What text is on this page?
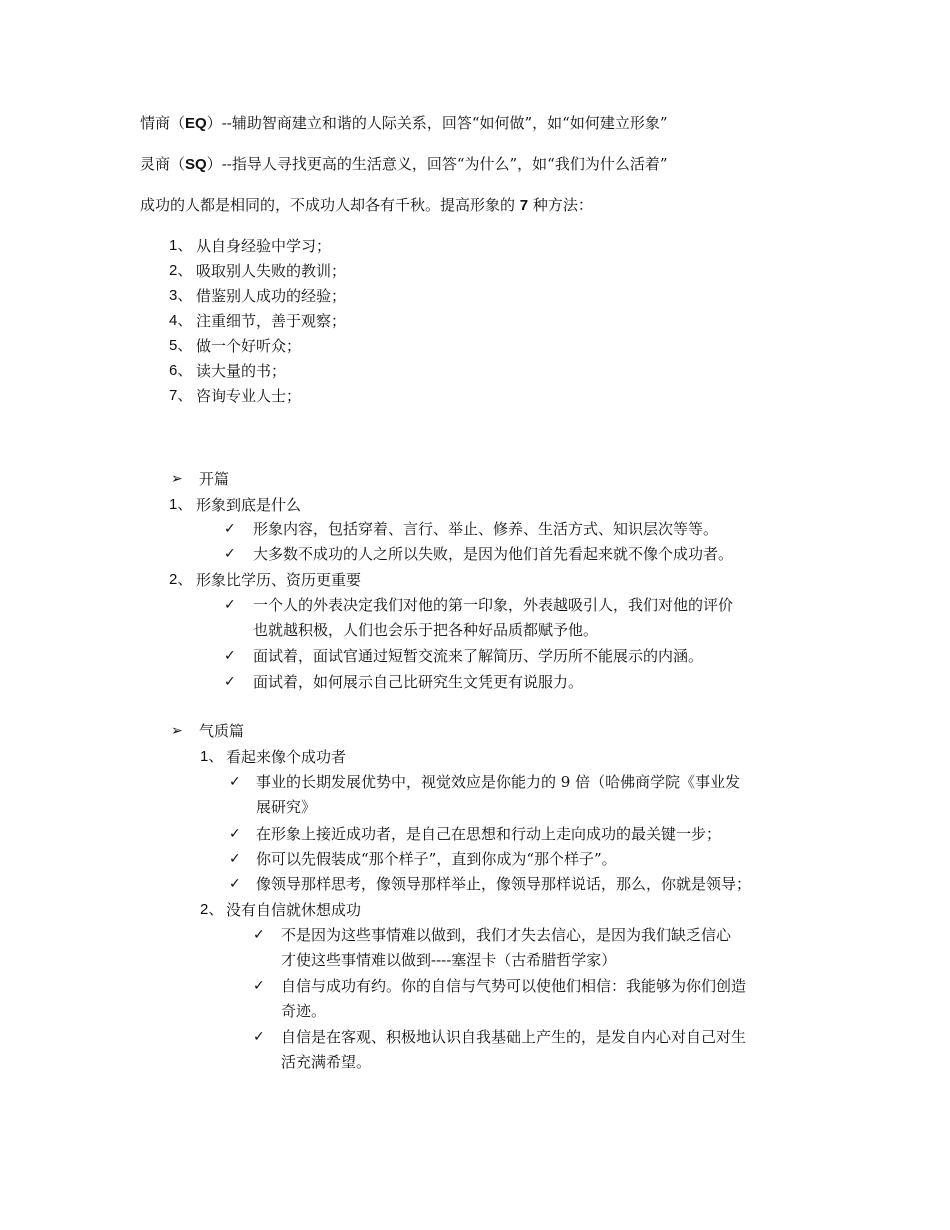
情商（EQ）--辅助智商建立和谐的人际关系，回答“如何做”，如“如何建立形象”
灵商（SQ）--指导人寻找更高的生活意义，回答“为什么”，如“我们为什么活着”
成功的人都是相同的，不成功人却各有千秋。提高形象的 7 种方法：
1、 从自身经验中学习；
2、 吸取别人失败的教训；
3、 借鉴别人成功的经验；
4、 注重细节，善于观察；
5、 做一个好听众；
6、 读大量的书；
7、 咨询专业人士；
➢ 开篇
1、 形象到底是什么
✓ 形象内容，包括穿着、言行、举止、修养、生活方式、知识层次等等。
✓ 大多数不成功的人之所以失败，是因为他们首先看起来就不像个成功者。
2、 形象比学历、资历更重要
✓ 一个人的外表决定我们对他的第一印象，外表越吸引人，我们对他的评价
也就越积极，人们也会乐于把各种好品质都赋予他。
✓ 面试着，面试官通过短暂交流来了解简历、学历所不能展示的内涵。
✓ 面试着，如何展示自己比研究生文凭更有说服力。
➢ 气质篇
1、 看起来像个成功者
✓ 事业的长期发展优势中，视觉效应是你能力的 9 倍（哈佛商学院《事业发
展研究》
✓ 在形象上接近成功者，是自己在思想和行动上走向成功的最关键一步；
✓ 你可以先假装成“那个样子”，直到你成为“那个样子”。
✓ 像领导那样思考，像领导那样举止，像领导那样说话，那么，你就是领导；
2、 没有自信就休想成功
✓ 不是因为这些事情难以做到，我们才失去信心，是因为我们缺乏信心
才使这些事情难以做到----塞涅卡（古希腊哲学家）
✓ 自信与成功有约。你的自信与气势可以使他们相信：我能够为你们创造
奇迹。
✓ 自信是在客观、积极地认识自我基础上产生的，是发自内心对自己对生
活充满希望。
